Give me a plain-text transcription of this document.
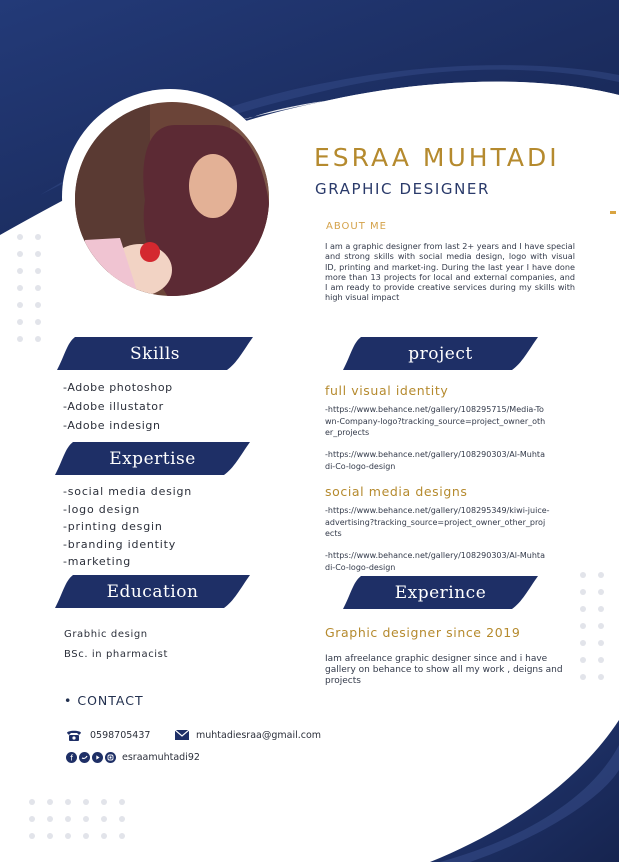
ESRAA MUHTADI
GRAPHIC DESIGNER
ABOUT ME
I am a graphic designer from last 2+ years and I have special and strong skills with social media design, logo with visual ID, printing and market-ing. During the last year I have done more than 13 projects for local and external companies, and I am ready to provide creative services during my skills with high visual impact
Skills
Expertise
Education
project
Experince
-Adobe photoshop
-Adobe illustator
-Adobe indesign
-social media design
-logo design
-printing desgin
-branding identity
-marketing
Grabhic design
BSc. in pharmacist
full visual identity
-https://www.behance.net/gallery/108295715/Media-Town-Company-logo?tracking_source=project_owner_other_projects
-https://www.behance.net/gallery/108290303/Al-Muhtadi-Co-logo-design
social media designs
-https://www.behance.net/gallery/108295349/kiwi-juice-advertising?tracking_source=project_owner_other_projects
-https://www.behance.net/gallery/108290303/Al-Muhtadi-Co-logo-design
Graphic designer since 2019
Iam afreelance graphic designer since and i have gallery on behance to show all my work , deigns and projects
• CONTACT
0598705437	muhtadiesraa@gmail.com
f	esraamuhtadi92
